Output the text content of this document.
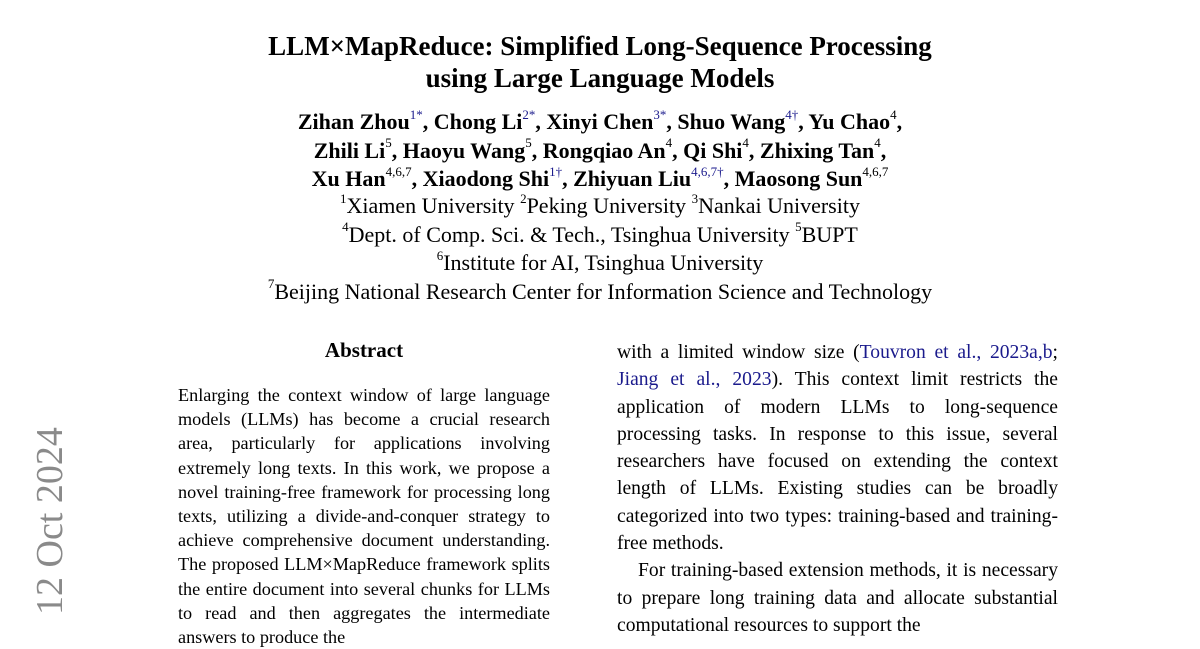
12 Oct 2024
LLM×MapReduce: Simplified Long-Sequence Processing
using Large Language Models
Zihan Zhou$^{1*}$, Chong $Li^{2*}$, Xinyi Chen$^{3*}$, Shuo Wang$^{4\dagger}$, Yu Chao$^4$,
Zhili Li$^5$, Haoyu Wang$^5$, Rongqiao An$^4$, Qi Shi$^4$, Zhixing Tan$^4$,
Xu Han$^{4,6,7}$, Xiaodong Shi$^{1\dagger}$, Zhiyuan Liu$^{4,6,7\dagger}$, Maosong Sun$^{4,6,7}$
$^1$Xiamen University $^2$Peking University $^3$Nankai University
$^4$Dept. of Comp. Sci. & Tech., Tsinghua University $^5$BUPT
$^6$Institute for AI, Tsinghua University
$^7$Beijing National Research Center for Information Science and Technology
Abstract
Enlarging the context window of large language models (LLMs) has become a crucial research area, particularly for applications involving extremely long texts. In this work, we propose a novel training-free framework for processing long texts, utilizing a divide-and-conquer strategy to achieve comprehensive document understanding. The proposed LLM×MapReduce framework splits the entire document into several chunks for LLMs to read and then aggregates the intermediate answers to produce the

with a limited window size (Touvron et al., 2023a,b; Jiang et al., 2023). This context limit restricts the application of modern LLMs to long-sequence processing tasks. In response to this issue, several researchers have focused on extending the context length of LLMs. Existing studies can be broadly categorized into two types: training-based and training-free methods.

For training-based extension methods, it is necessary to prepare long training data and allocate substantial computational resources to support the
